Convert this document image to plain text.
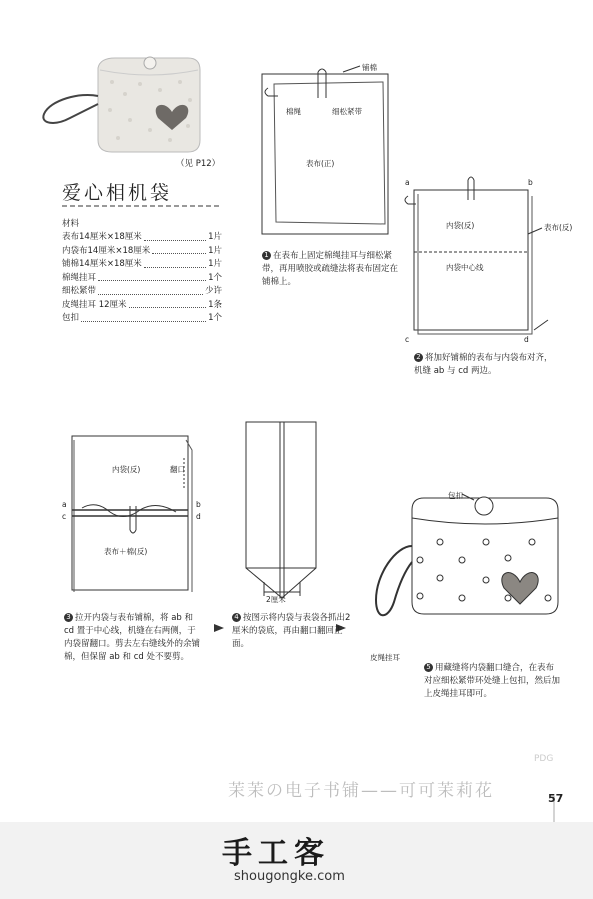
（见 P12）
爱心相机袋
材料
表布14厘米×18厘米	1片
内袋布14厘米×18厘米	1片
铺棉14厘米×18厘米	1片
棉绳挂耳	1个
细松紧带	少许
皮绳挂耳 12厘米	1条
包扣	1个
铺棉
棉绳	细松紧带
表布(正)
1 在表布上固定棉绳挂耳与细松紧带，再用喷胶或疏缝法将表布固定在铺棉上。
a	b
c	d
内袋(反)
内袋中心线
表布(反)
2 将加好铺棉的表布与内袋布对齐，机缝 ab 与 cd 两边。
内袋(反)	翻口
a
c
b
d
表布＋棉(反)
3 拉开内袋与表布铺棉，将 ab 和 cd 置于中心线，机缝在右两侧，于内袋留翻口。剪去左右缝线外的余铺棉，但保留 ab 和 cd 处不要剪。
2厘米
4 按图示将内袋与表袋各抓出2厘米的袋底，再由翻口翻回正面。
包扣
皮绳挂耳
5 用藏缝将内袋翻口缝合，在表布对应细松紧带环处缝上包扣，然后加上皮绳挂耳即可。
茉茉の电子书铺——可可茉莉花
PDG
57
手工客
shougongke.com
